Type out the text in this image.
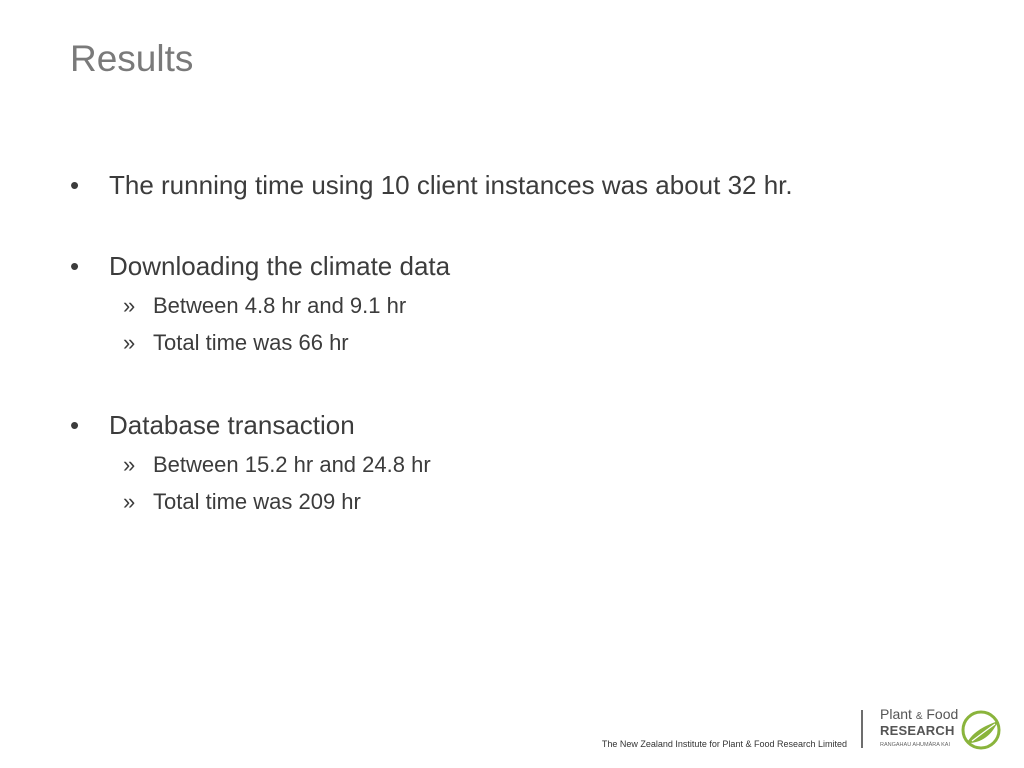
Results
•	The running time using 10 client instances was about 32 hr.
•	Downloading the climate data
» Between 4.8 hr and 9.1 hr
» Total time was 66 hr
•	Database transaction
» Between 15.2 hr and 24.8 hr
» Total time was 209 hr
The New Zealand Institute for Plant & Food Research Limited
Plant & Food
RESEARCH
RANGAHAU AHUMĀRA KAI
